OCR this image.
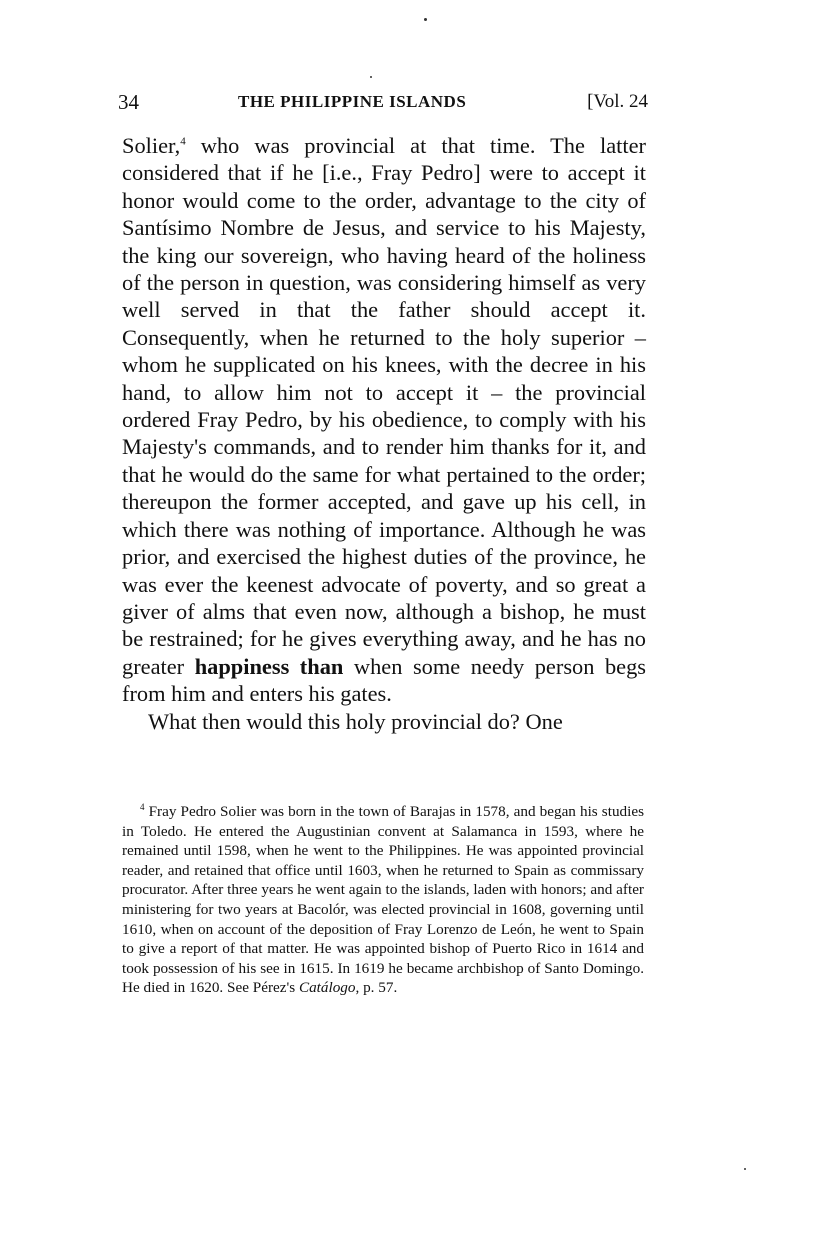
34	THE PHILIPPINE ISLANDS	[Vol. 24

Solier,$^4$ who was provincial at that time. The latter considered that if he [i.e., Fray Pedro] were to accept it honor would come to the order, advantage to the city of Santísimo Nombre de Jesus, and service to his Majesty, the king our sovereign, who having heard of the holiness of the person in question, was considering himself as very well served in that the father should accept it. Consequently, when he returned to the holy superior – whom he supplicated on his knees, with the decree in his hand, to allow him not to accept it – the provincial ordered Fray Pedro, by his obedience, to comply with his Majesty's commands, and to render him thanks for it, and that he would do the same for what pertained to the order; thereupon the former accepted, and gave up his cell, in which there was nothing of importance. Although he was prior, and exercised the highest duties of the province, he was ever the keenest advocate of poverty, and so great a giver of alms that even now, although a bishop, he must be restrained; for he gives everything away, and he has no greater happiness than when some needy person begs from him and enters his gates.

What then would this holy provincial do? One

$^4$ Fray Pedro Solier was born in the town of Barajas in 1578, and began his studies in Toledo. He entered the Augustinian convent at Salamanca in 1593, where he remained until 1598, when he went to the Philippines. He was appointed provincial reader, and retained that office until 1603, when he returned to Spain as commissary procurator. After three years he went again to the islands, laden with honors; and after ministering for two years at Bacolór, was elected provincial in 1608, governing until 1610, when on account of the deposition of Fray Lorenzo de León, he went to Spain to give a report of that matter. He was appointed bishop of Puerto Rico in 1614 and took possession of his see in 1615. In 1619 he became archbishop of Santo Domingo. He died in 1620. See Pérez's Catálogo, p. 57.
